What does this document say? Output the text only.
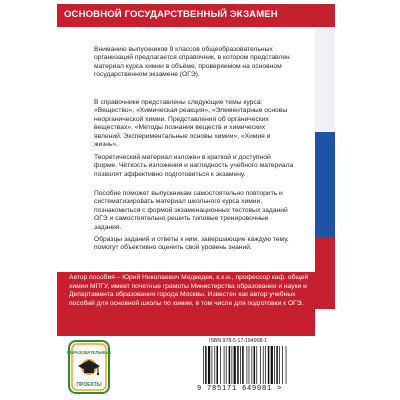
ОСНОВНОЙ ГОСУДАРСТВЕННЫЙ ЭКЗАМЕН
Вниманию выпускников 9 классов общеобразовательных организаций предлагается справочник, в котором представлен материал курса химии в объёме, проверяемом на основном государственном экзамене (ОГЭ).
В справочнике представлены следующие темы курса: «Вещество», «Химическая реакция», «Элементарные основы неорганической химии. Представления об органических веществах», «Методы познания веществ и химических явлений. Экспериментальные основы химии», «Химия и жизнь».
Теоретический материал изложен в краткой и доступной форме. Чёткость изложения и наглядность учебного материала позволят эффективно подготовиться к экзамену.
Пособие поможет выпускникам самостоятельно повторить и систематизировать материал школьного курса химии, познакомиться с формой экзаменационных тестовых заданий ОГЭ и самостоятельно решить типовые тренировочные задания.
Образцы заданий и ответы к ним, завершающие каждую тему, помогут объективно оценить свой уровень знаний.
Автор пособия – Юрий Николаевич Медведев, к.х.н., профессор каф. общей химии МПГУ, имеет почетные грамоты Министерства образования и науки и Департамента образования города Москвы. Известен как автор учебных пособий для основной школы по химии, в том числе для подготовки к ОГЭ.
ОБРАЗОВАТЕЛЬНЫЕ
ПРОЕКТЫ
ISBN 978-5-17-164908-1
9 785171 649081 >
